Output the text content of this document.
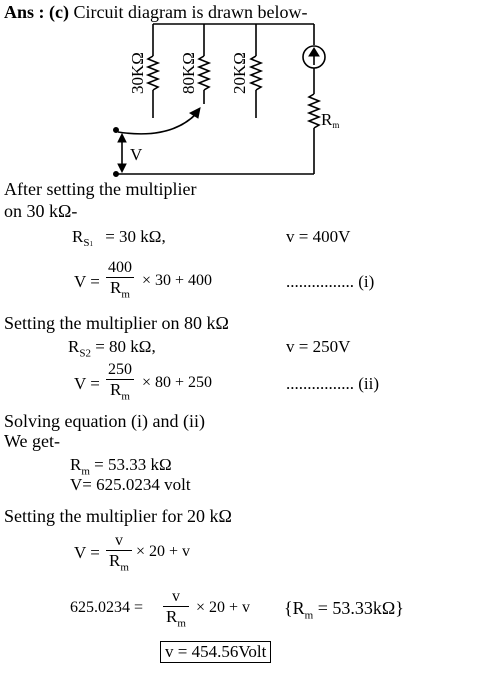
Ans : (c) Circuit diagram is drawn below-
30KΩ 80KΩ 20KΩ
Rm
V
After setting the multiplier
on 30 kΩ-
$R_{S1} = 30$ kΩ,	v = 400V
V =
400
$R_m$
× 30 + 400	................ (i)
Setting the multiplier on 80 kΩ
$R_{S2} = 80$ kΩ,	v = 250V
V =
250
$R_m$
× 80 + 250	................ (ii)
Solving equation (i) and (ii)
We get-
$R_m = 53.33$ kΩ
V= 625.0234 volt
Setting the multiplier for 20 kΩ
V =
v
$R_m$
× 20 + v
625.0234 =
v
$R_m$
× 20 + v $\{R_m = 53.33k\Omega\}$
v = 454.56Volt
